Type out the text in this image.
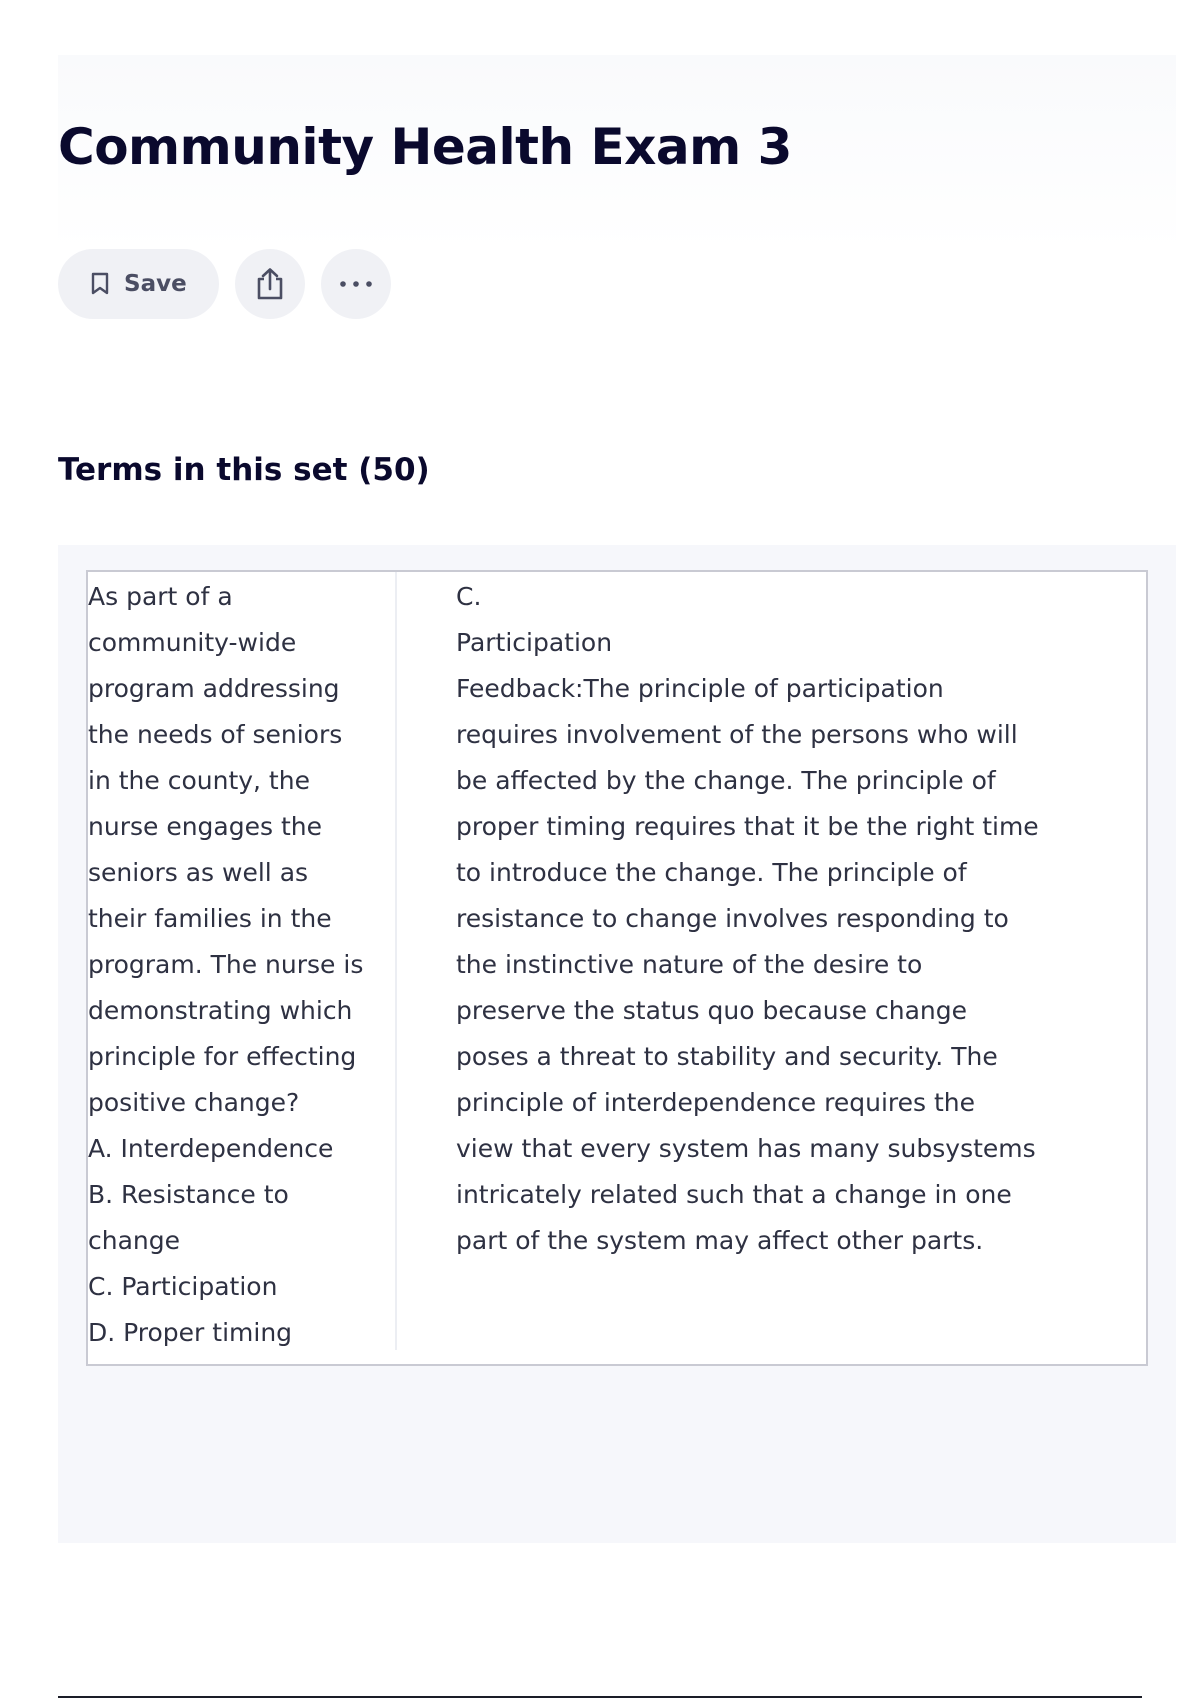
Community Health Exam 3
Save
Terms in this set (50)

As part of a
community-wide
program addressing
the needs of seniors
in the county, the
nurse engages the
seniors as well as
their families in the
program. The nurse is
demonstrating which
principle for effecting
positive change?
A. Interdependence
B. Resistance to
change
C. Participation
D. Proper timing

C.
Participation
Feedback:The principle of participation
requires involvement of the persons who will
be affected by the change. The principle of
proper timing requires that it be the right time
to introduce the change. The principle of
resistance to change involves responding to
the instinctive nature of the desire to
preserve the status quo because change
poses a threat to stability and security. The
principle of interdependence requires the
view that every system has many subsystems
intricately related such that a change in one
part of the system may affect other parts.
